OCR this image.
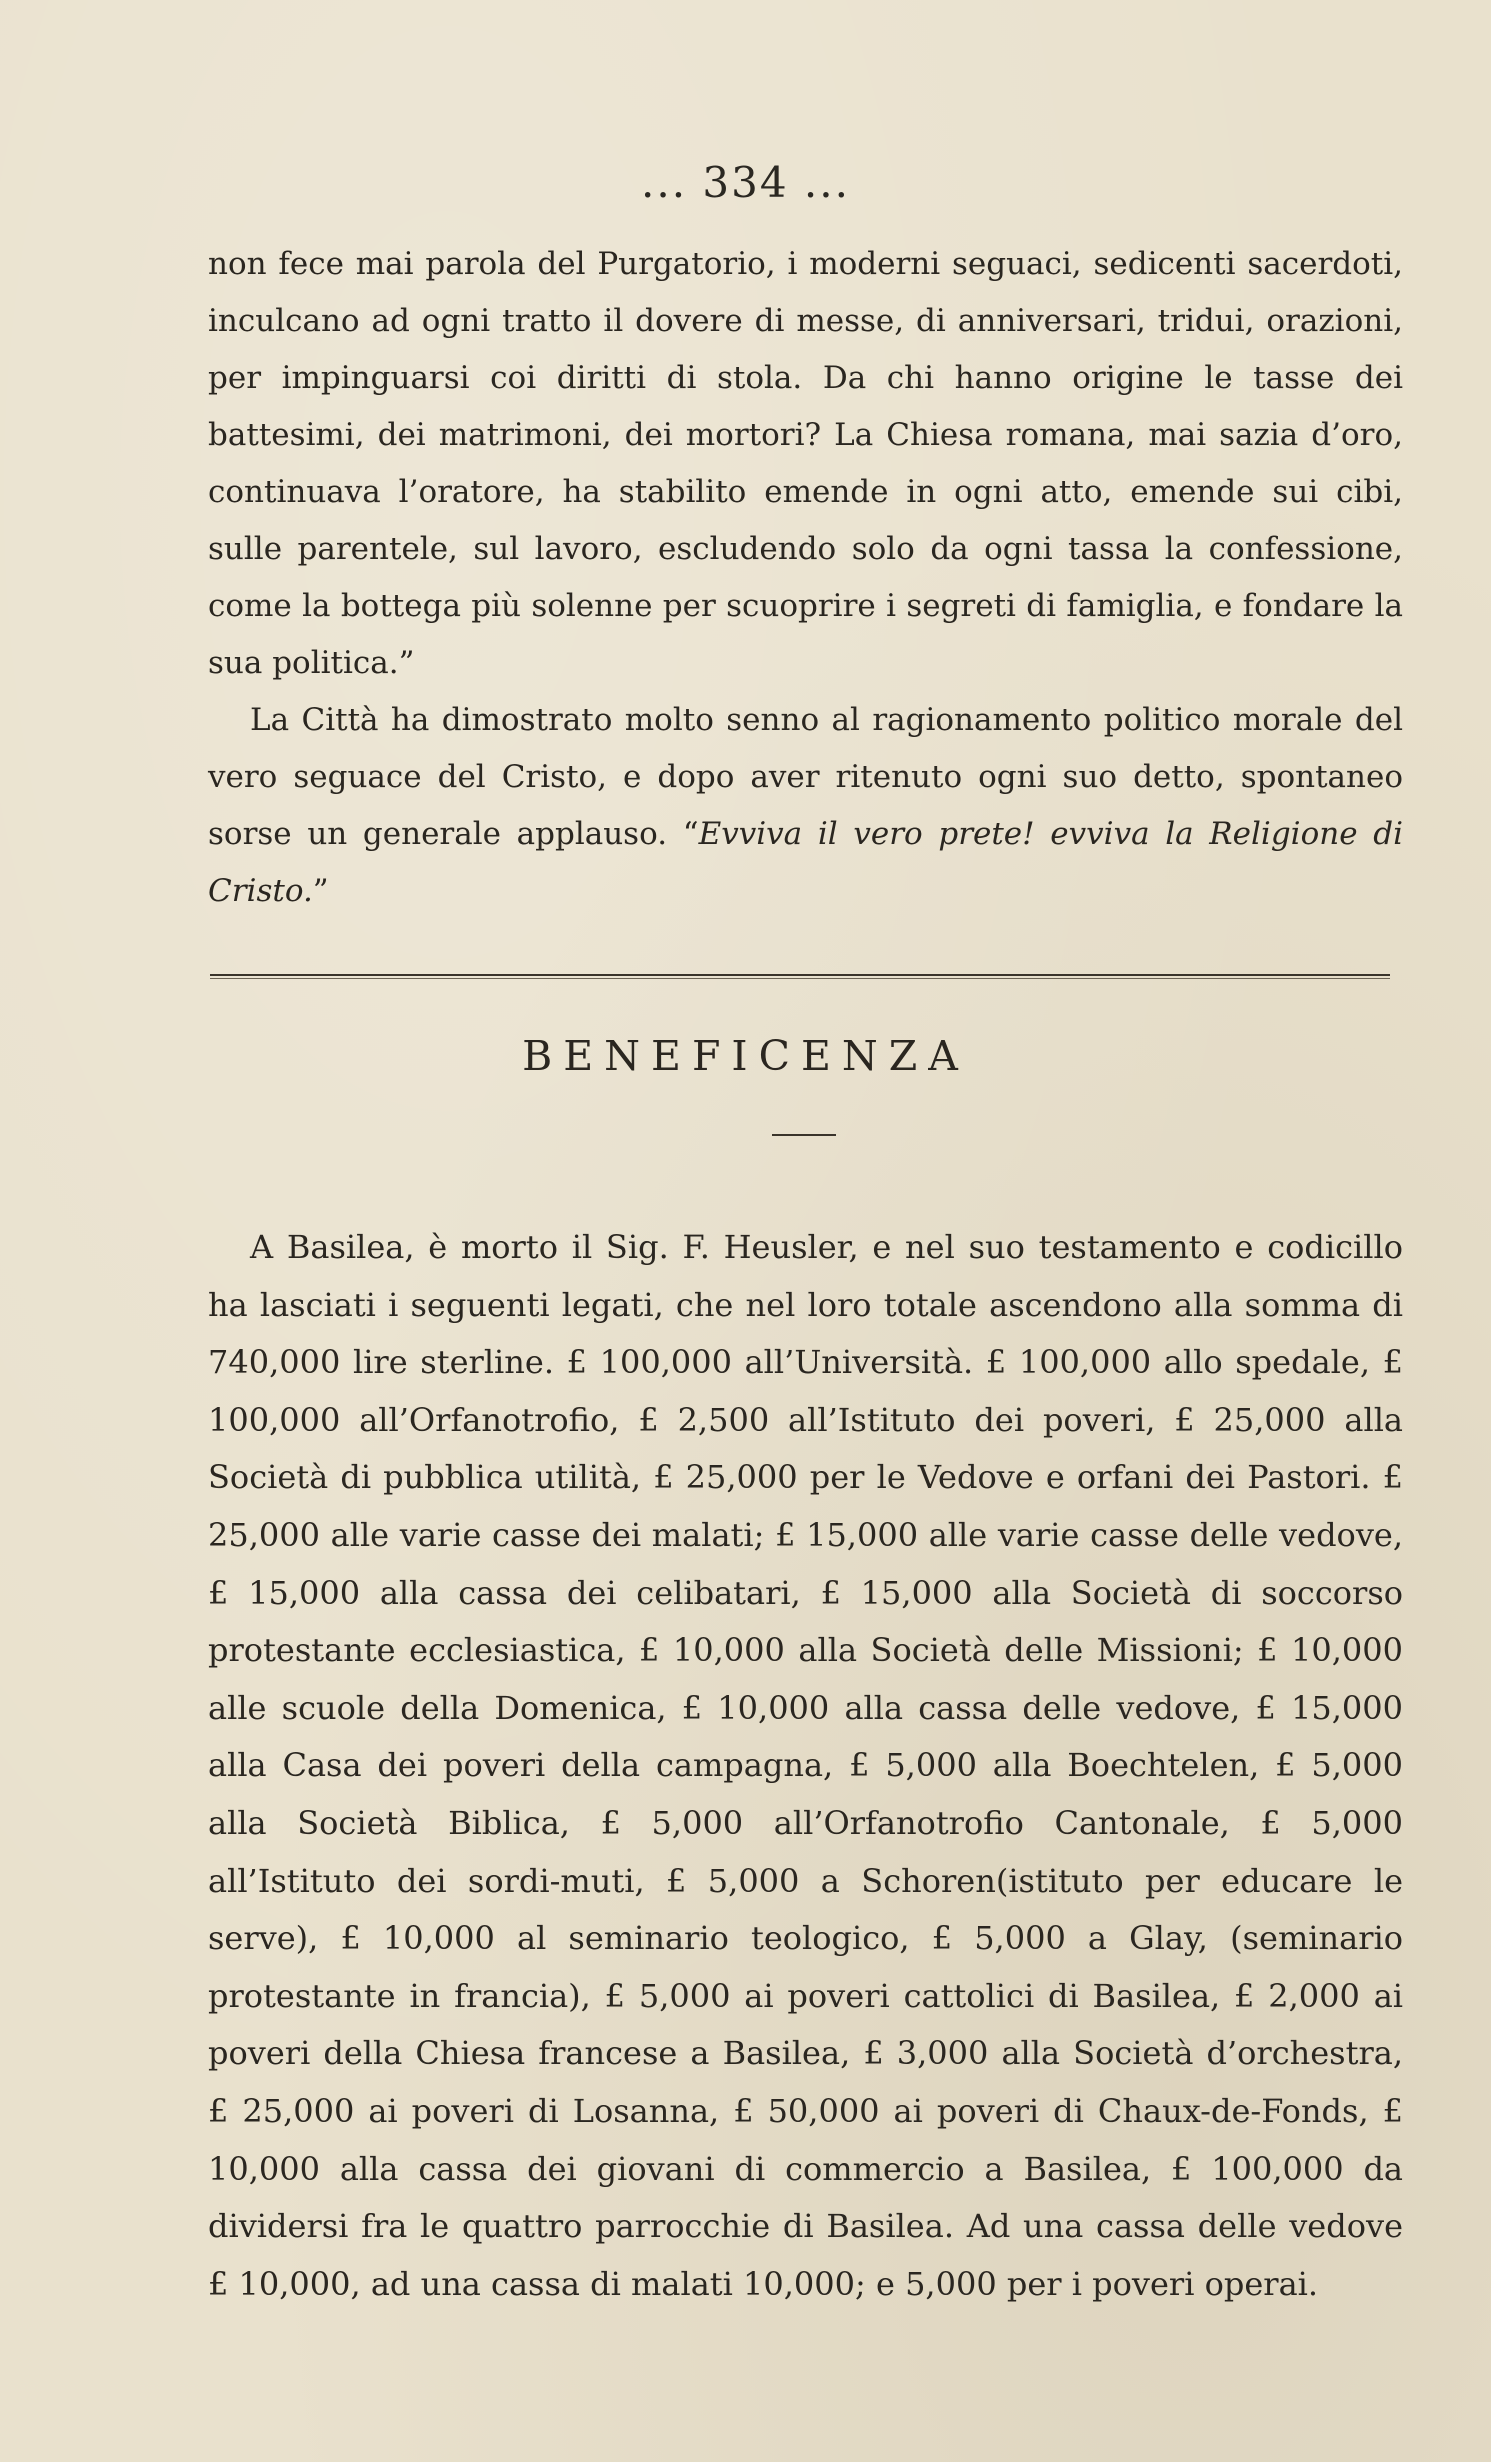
... 334 ...

non fece mai parola del Purgatorio, i moderni seguaci, sedicenti sacerdoti, inculcano ad ogni tratto il dovere di messe, di anniversari, tridui, orazioni, per impinguarsi coi diritti di stola. Da chi hanno origine le tasse dei battesimi, dei matrimoni, dei mortori? La Chiesa romana, mai sazia d’oro, continuava l’oratore, ha stabilito emende in ogni atto, emende sui cibi, sulle parentele, sul lavoro, escludendo solo da ogni tassa la confessione, come la bottega più solenne per scuoprire i segreti di famiglia, e fondare la sua politica.”

La Città ha dimostrato molto senno al ragionamento politico morale del vero seguace del Cristo, e dopo aver ritenuto ogni suo detto, spontaneo sorse un generale applauso. “Evviva il vero prete! evviva la Religione di Cristo.”

BENEFICENZA

A Basilea, è morto il Sig. F. Heusler, e nel suo testamento e codicillo ha lasciati i seguenti legati, che nel loro totale ascendono alla somma di 740,000 lire sterline. £ 100,000 all’Università. £ 100,000 allo spedale, £ 100,000 all’Orfanotrofio, £ 2,500 all’Istituto dei poveri, £ 25,000 alla Società di pubblica utilità, £ 25,000 per le Vedove e orfani dei Pastori. £ 25,000 alle varie casse dei malati; £ 15,000 alle varie casse delle vedove, £ 15,000 alla cassa dei celibatari, £ 15,000 alla Società di soccorso protestante ecclesiastica, £ 10,000 alla Società delle Missioni; £ 10,000 alle scuole della Domenica, £ 10,000 alla cassa delle vedove, £ 15,000 alla Casa dei poveri della campagna, £ 5,000 alla Boechtelen, £ 5,000 alla Società Biblica, £ 5,000 all’Orfanotrofio Cantonale, £ 5,000 all’Istituto dei sordi-muti, £ 5,000 a Schoren(istituto per educare le serve), £ 10,000 al seminario teologico, £ 5,000 a Glay, (seminario protestante in francia), £ 5,000 ai poveri cattolici di Basilea, £ 2,000 ai poveri della Chiesa francese a Basilea, £ 3,000 alla Società d’orchestra, £ 25,000 ai poveri di Losanna, £ 50,000 ai poveri di Chaux-de-Fonds, £ 10,000 alla cassa dei giovani di commercio a Basilea, £ 100,000 da dividersi fra le quattro parrocchie di Basilea. Ad una cassa delle vedove £ 10,000, ad una cassa di malati 10,000; e 5,000 per i poveri operai.
